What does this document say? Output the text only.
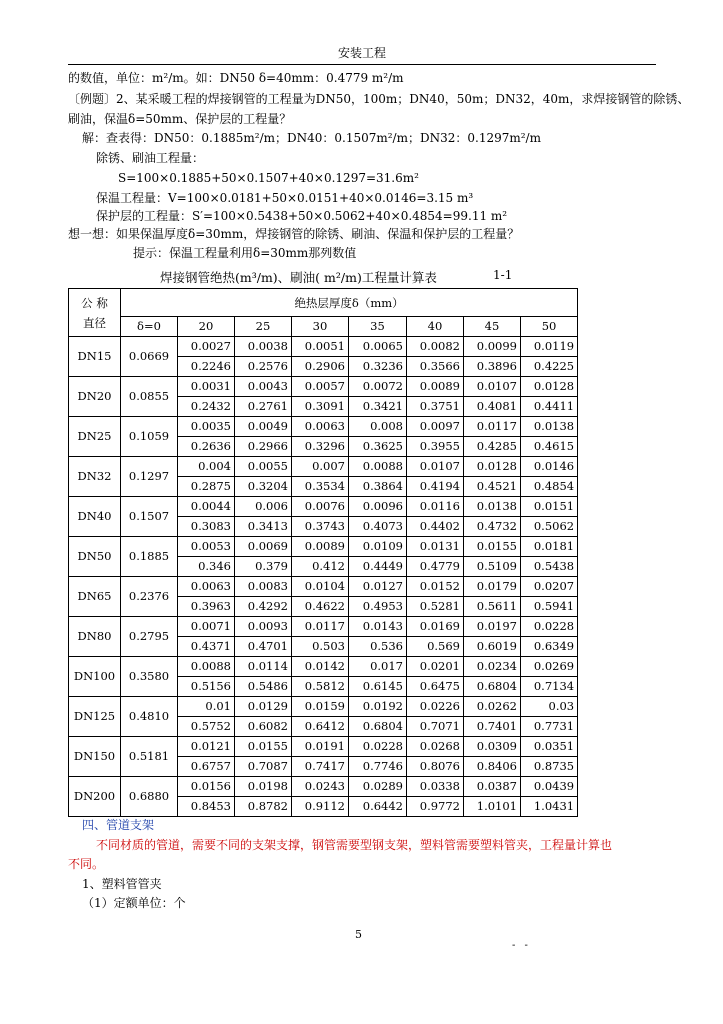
安装工程
的数值，单位：m²/m。如：DN50 δ=40mm：0.4779 m²/m
〔例题〕2、某采暖工程的焊接钢管的工程量为DN50，100m；DN40，50m；DN32，40m，求焊接钢管的除锈、
刷油，保温δ=50mm、保护层的工程量？
解：查表得：DN50：0.1885m²/m；DN40：0.1507m²/m；DN32：0.1297m²/m
除锈、刷油工程量：
S=100×0.1885+50×0.1507+40×0.1297=31.6m²
保温工程量：V=100×0.0181+50×0.0151+40×0.0146=3.15 m³
保护层的工程量：S′=100×0.5438+50×0.5062+40×0.4854=99.11 m²
想一想：如果保温厚度δ=30mm，焊接钢管的除锈、刷油、保温和保护层的工程量？
提示：保温工程量利用δ=30mm那列数值
焊接钢管绝热(m³/m)、刷油( m²/m)工程量计算表	1-1
公 称
直径	绝热层厚度δ（mm）							
	δ=0	20	25	30	35	40	45	50
DN15	0.0669	0.0027	0.0038	0.0051	0.0065	0.0082	0.0099	0.0119
		0.2246	0.2576	0.2906	0.3236	0.3566	0.3896	0.4225
DN20	0.0855	0.0031	0.0043	0.0057	0.0072	0.0089	0.0107	0.0128
		0.2432	0.2761	0.3091	0.3421	0.3751	0.4081	0.4411
DN25	0.1059	0.0035	0.0049	0.0063	0.008	0.0097	0.0117	0.0138
		0.2636	0.2966	0.3296	0.3625	0.3955	0.4285	0.4615
DN32	0.1297	0.004	0.0055	0.007	0.0088	0.0107	0.0128	0.0146
		0.2875	0.3204	0.3534	0.3864	0.4194	0.4521	0.4854
DN40	0.1507	0.0044	0.006	0.0076	0.0096	0.0116	0.0138	0.0151
		0.3083	0.3413	0.3743	0.4073	0.4402	0.4732	0.5062
DN50	0.1885	0.0053	0.0069	0.0089	0.0109	0.0131	0.0155	0.0181
		0.346	0.379	0.412	0.4449	0.4779	0.5109	0.5438
DN65	0.2376	0.0063	0.0083	0.0104	0.0127	0.0152	0.0179	0.0207
		0.3963	0.4292	0.4622	0.4953	0.5281	0.5611	0.5941
DN80	0.2795	0.0071	0.0093	0.0117	0.0143	0.0169	0.0197	0.0228
		0.4371	0.4701	0.503	0.536	0.569	0.6019	0.6349
DN100	0.3580	0.0088	0.0114	0.0142	0.017	0.0201	0.0234	0.0269
		0.5156	0.5486	0.5812	0.6145	0.6475	0.6804	0.7134
DN125	0.4810	0.01	0.0129	0.0159	0.0192	0.0226	0.0262	0.03
		0.5752	0.6082	0.6412	0.6804	0.7071	0.7401	0.7731
DN150	0.5181	0.0121	0.0155	0.0191	0.0228	0.0268	0.0309	0.0351
		0.6757	0.7087	0.7417	0.7746	0.8076	0.8406	0.8735
DN200	0.6880	0.0156	0.0198	0.0243	0.0289	0.0338	0.0387	0.0439
		0.8453	0.8782	0.9112	0.6442	0.9772	1.0101	1.0431
四、管道支架
不同材质的管道，需要不同的支架支撑，钢管需要型钢支架，塑料管需要塑料管夹，工程量计算也
不同。
1、塑料管管夹
（1）定额单位：个
5
- -
